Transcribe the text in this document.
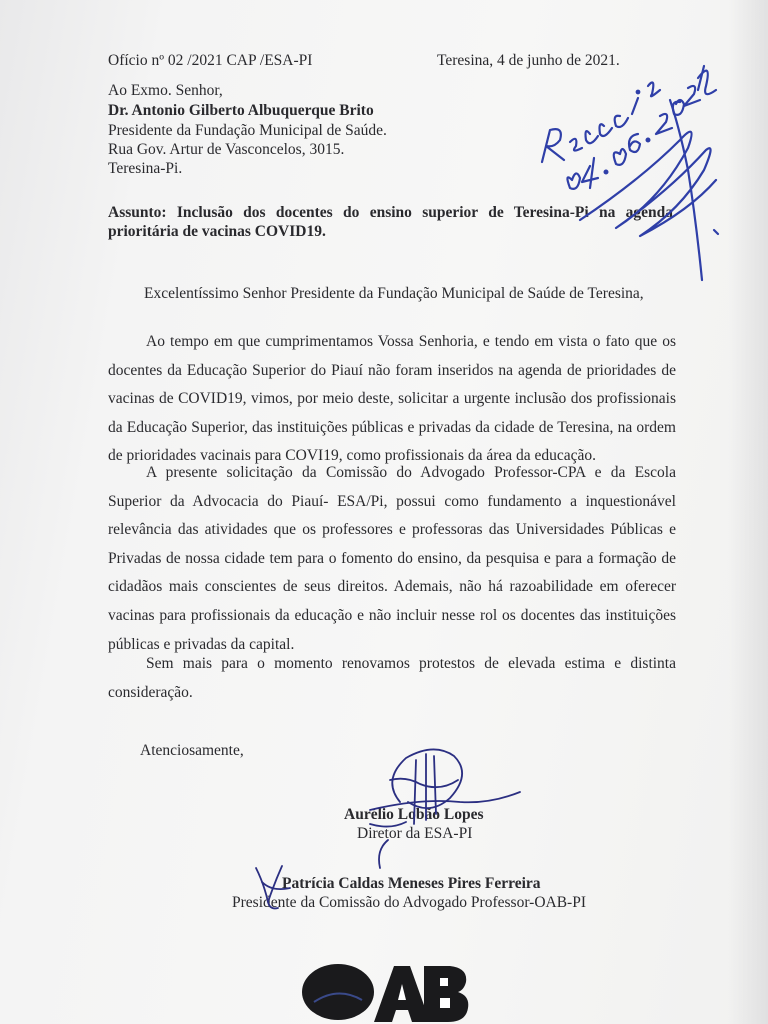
Ofício nº 02 /2021 CAP /ESA-PI	Teresina, 4 de junho de 2021.
Ao Exmo. Senhor,
Dr. Antonio Gilberto Albuquerque Brito
Presidente da Fundação Municipal de Saúde.
Rua Gov. Artur de Vasconcelos, 3015.
Teresina-Pi.
Assunto: Inclusão dos docentes do ensino superior de Teresina-Pi na agenda
prioritária de vacinas COVID19.
Excelentíssimo Senhor Presidente da Fundação Municipal de Saúde de Teresina,
Ao tempo em que cumprimentamos Vossa Senhoria, e tendo em vista o fato que os docentes da Educação Superior do Piauí não foram inseridos na agenda de prioridades de vacinas de COVID19, vimos, por meio deste, solicitar a urgente inclusão dos profissionais da Educação Superior, das instituições públicas e privadas da cidade de Teresina, na ordem de prioridades vacinais para COVI19, como profissionais da área da educação.
A presente solicitação da Comissão do Advogado Professor-CPA e da Escola Superior da Advocacia do Piauí- ESA/Pi, possui como fundamento a inquestionável relevância das atividades que os professores e professoras das Universidades Públicas e Privadas de nossa cidade tem para o fomento do ensino, da pesquisa e para a formação de cidadãos mais conscientes de seus direitos. Ademais, não há razoabilidade em oferecer vacinas para profissionais da educação e não incluir nesse rol os docentes das instituições públicas e privadas da capital.
Sem mais para o momento renovamos protestos de elevada estima e distinta consideração.
Atenciosamente,
Aurélio Lobão Lopes
Diretor da ESA-PI
Patrícia Caldas Meneses Pires Ferreira
Presidente da Comissão do Advogado Professor-OAB-PI
